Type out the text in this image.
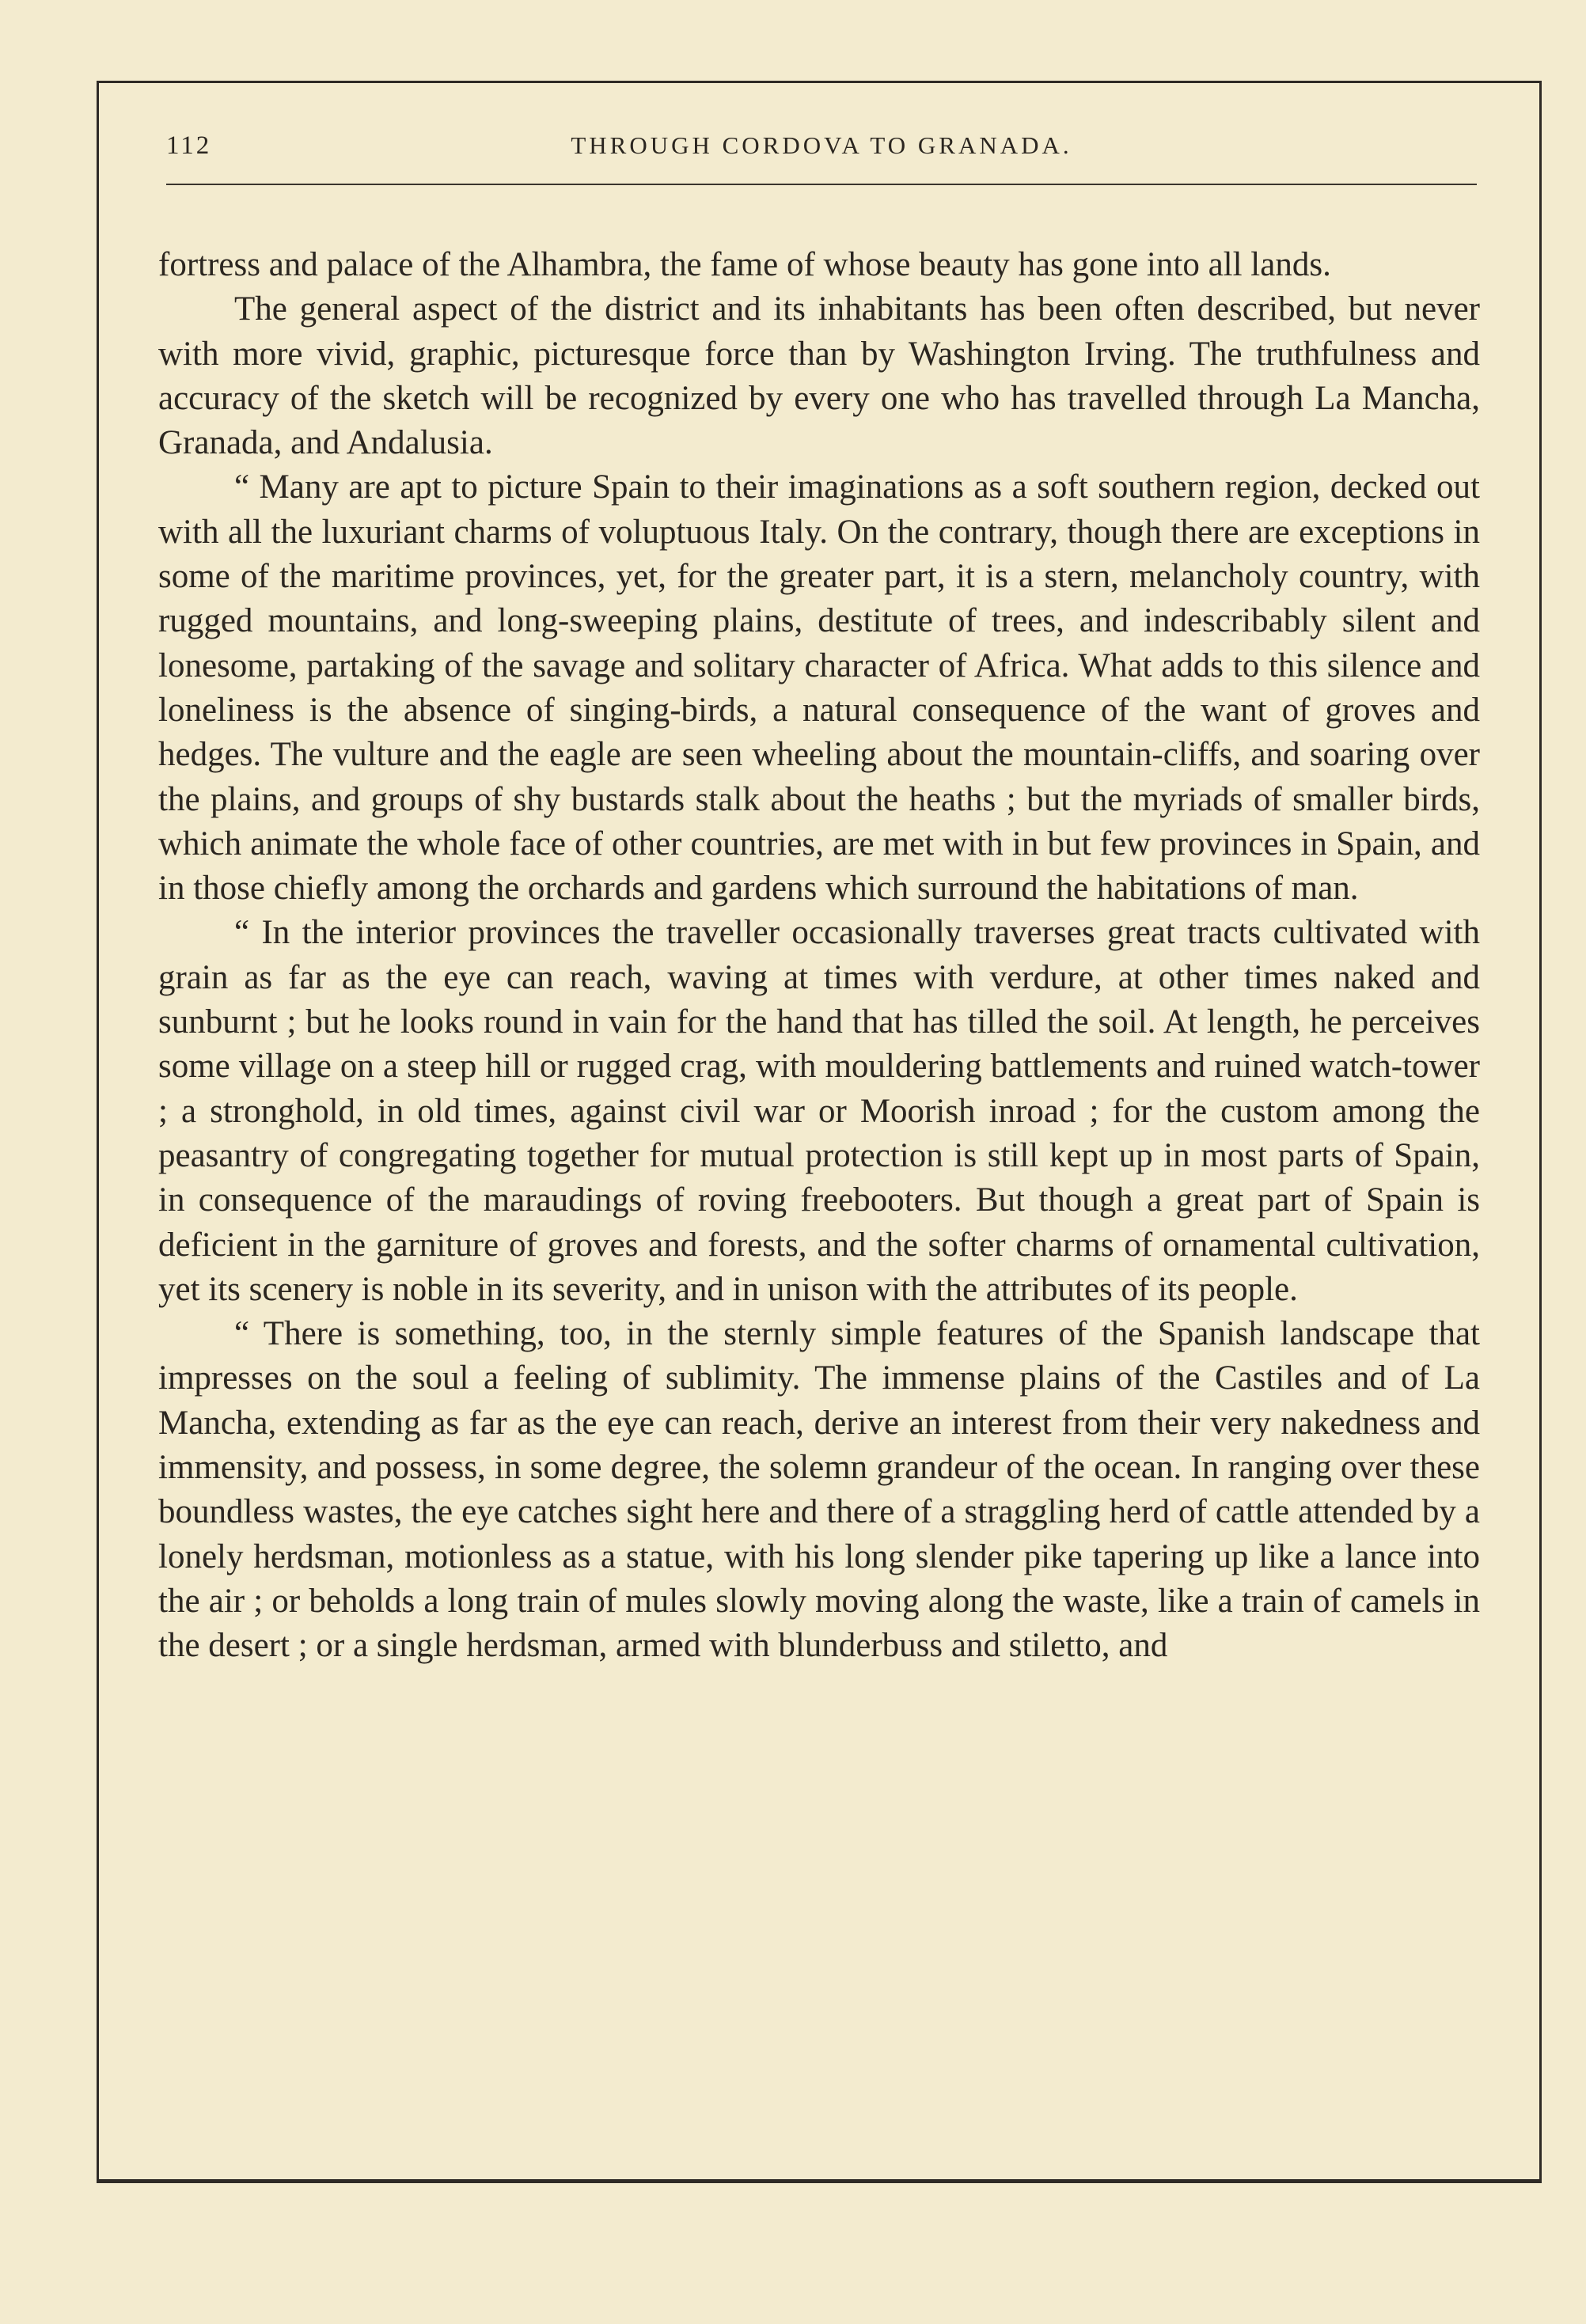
112	THROUGH CORDOVA TO GRANADA.

fortress and palace of the Alhambra, the fame of whose beauty has gone into all lands.

The general aspect of the district and its inhabitants has been often described, but never with more vivid, graphic, picturesque force than by Washington Irving. The truthfulness and accuracy of the sketch will be recognized by every one who has travelled through La Mancha, Granada, and Andalusia.

“ Many are apt to picture Spain to their imaginations as a soft southern region, decked out with all the luxuriant charms of voluptuous Italy. On the contrary, though there are exceptions in some of the maritime provinces, yet, for the greater part, it is a stern, melancholy country, with rugged mountains, and long-sweeping plains, destitute of trees, and indescribably silent and lonesome, partaking of the savage and solitary character of Africa. What adds to this silence and loneliness is the absence of singing-birds, a natural consequence of the want of groves and hedges. The vulture and the eagle are seen wheeling about the mountain-cliffs, and soaring over the plains, and groups of shy bustards stalk about the heaths ; but the myriads of smaller birds, which animate the whole face of other countries, are met with in but few provinces in Spain, and in those chiefly among the orchards and gardens which surround the habitations of man.

“ In the interior provinces the traveller occasionally traverses great tracts cultivated with grain as far as the eye can reach, waving at times with verdure, at other times naked and sunburnt ; but he looks round in vain for the hand that has tilled the soil. At length, he perceives some village on a steep hill or rugged crag, with mouldering battlements and ruined watch-tower ; a stronghold, in old times, against civil war or Moorish inroad ; for the custom among the peasantry of congregating together for mutual protection is still kept up in most parts of Spain, in consequence of the maraudings of roving freebooters. But though a great part of Spain is deficient in the garniture of groves and forests, and the softer charms of ornamental cultivation, yet its scenery is noble in its severity, and in unison with the attributes of its people.

“ There is something, too, in the sternly simple features of the Spanish landscape that impresses on the soul a feeling of sublimity. The immense plains of the Castiles and of La Mancha, extending as far as the eye can reach, derive an interest from their very nakedness and immensity, and possess, in some degree, the solemn grandeur of the ocean. In ranging over these boundless wastes, the eye catches sight here and there of a straggling herd of cattle attended by a lonely herdsman, motionless as a statue, with his long slender pike tapering up like a lance into the air ; or beholds a long train of mules slowly moving along the waste, like a train of camels in the desert ; or a single herdsman, armed with blunderbuss and stiletto, and
